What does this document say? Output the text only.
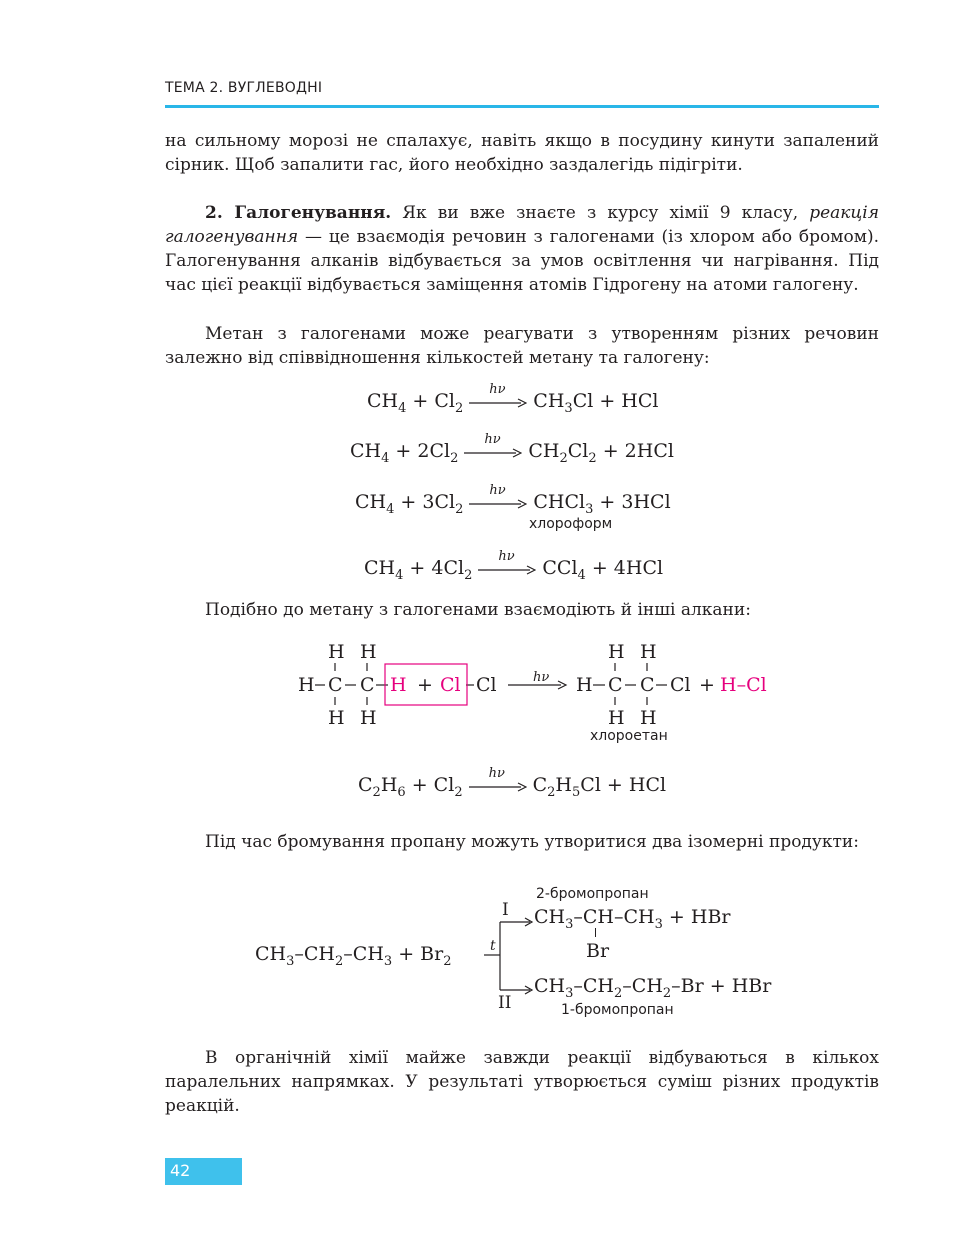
ТЕМА 2. ВУГЛЕВОДНІ
на сильному морозі не спалахує, навіть якщо в посудину кинути запалений сірник. Щоб запалити гас, його необхідно заздалегідь підігріти.
2. Галогенування. Як ви вже знаєте з курсу хімії 9 класу, реакція галогенування — це взаємодія речовин з галогенами (із хлором або бромом). Галогенування алканів відбувається за умов освітлення чи нагрівання. Під час цієї реакції відбувається заміщення атомів Гідрогену на атоми галогену.
Метан з галогенами може реагувати з утворенням різних речовин залежно від співвідношення кількостей метану та галогену:
$CH_4 + Cl_2$
hν
$CH_3Cl$ + HCl
$CH_4 + 2Cl_2$
hν
$CH_2Cl_2 + 2HCl$
$CH_4 + 3Cl_2$
hν
CHCl$_3$ + 3HCl
хлороформ
$CH_4 + 4Cl_2$
hν
CCl$_4$ + 4HCl
Подібно до метану з галогенами взаємодіють й інші алкани:
H H
H C C
H H
H + Cl Cl	hν H C C
H H
H H
Cl + H–Cl
хлороетан
$C_2H_6 + Cl_2$
hν
$C_2H_5Cl$ + HCl
Під час бромування пропану можуть утворитися два ізомерні продукти:
2-бромопропан
$CH_3-CH_2-CH_3 + Br_2$
t
I
II
$CH_3-CH-CH_3$ + HBr
Br
$CH_3-CH_2-CH_2-Br$ + HBr
1-бромопропан
В органічній хімії майже завжди реакції відбуваються в кількох паралельних напрямках. У результаті утворюється суміш різних продуктів реакцій.
42
